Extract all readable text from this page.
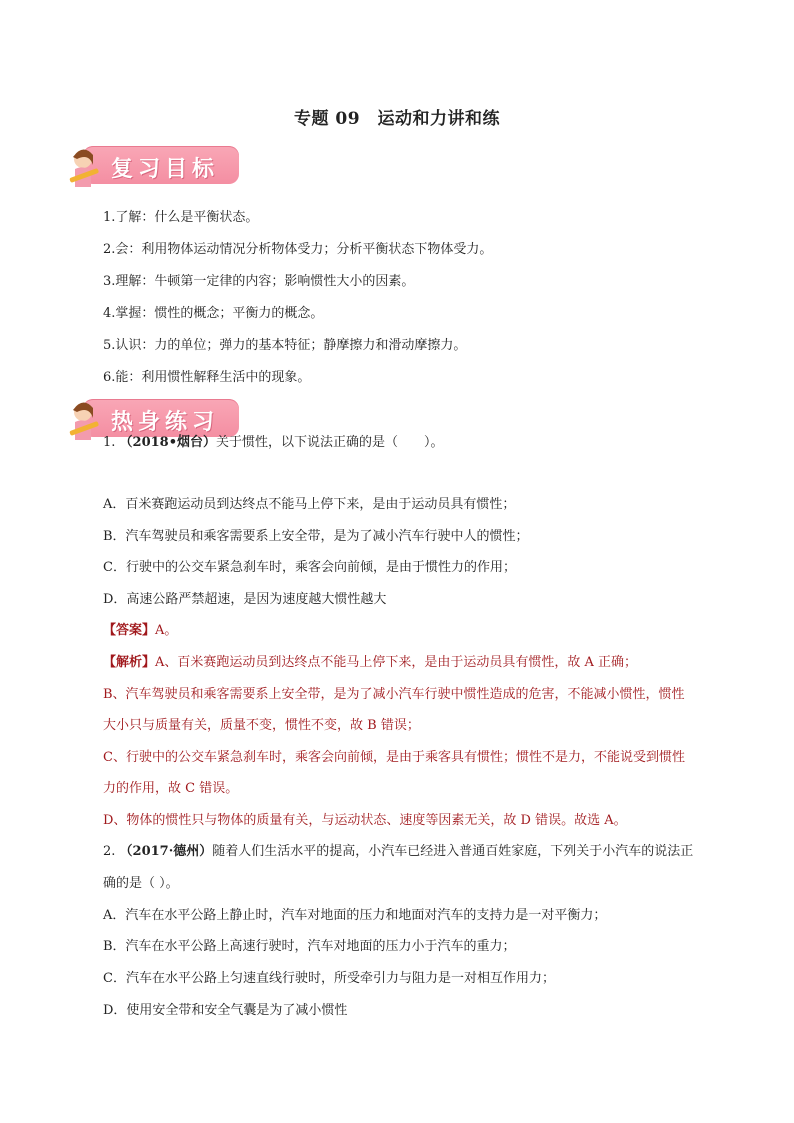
专题 09　运动和力讲和练
复习目标
1.了解：什么是平衡状态。
2.会：利用物体运动情况分析物体受力；分析平衡状态下物体受力。
3.理解：牛顿第一定律的内容；影响惯性大小的因素。
4.掌握：惯性的概念；平衡力的概念。
5.认识：力的单位；弹力的基本特征；静摩擦力和滑动摩擦力。
6.能：利用惯性解释生活中的现象。
热身练习
1. （2018•烟台）关于惯性，以下说法正确的是（　　）。
A．百米赛跑运动员到达终点不能马上停下来，是由于运动员具有惯性；
B．汽车驾驶员和乘客需要系上安全带，是为了减小汽车行驶中人的惯性；
C．行驶中的公交车紧急刹车时，乘客会向前倾，是由于惯性力的作用；
D．高速公路严禁超速，是因为速度越大惯性越大
【答案】A。
【解析】A、百米赛跑运动员到达终点不能马上停下来，是由于运动员具有惯性，故 A 正确；
B、汽车驾驶员和乘客需要系上安全带，是为了减小汽车行驶中惯性造成的危害，不能减小惯性，惯性
大小只与质量有关，质量不变，惯性不变，故 B 错误；
C、行驶中的公交车紧急刹车时，乘客会向前倾，是由于乘客具有惯性；惯性不是力，不能说受到惯性
力的作用，故 C 错误。
D、物体的惯性只与物体的质量有关，与运动状态、速度等因素无关，故 D 错误。故选 A。
2. （2017·德州）随着人们生活水平的提高，小汽车已经进入普通百姓家庭，下列关于小汽车的说法正
确的是（ ）。
A．汽车在水平公路上静止时，汽车对地面的压力和地面对汽车的支持力是一对平衡力；
B．汽车在水平公路上高速行驶时，汽车对地面的压力小于汽车的重力；
C．汽车在水平公路上匀速直线行驶时，所受牵引力与阻力是一对相互作用力；
D．使用安全带和安全气囊是为了减小惯性
